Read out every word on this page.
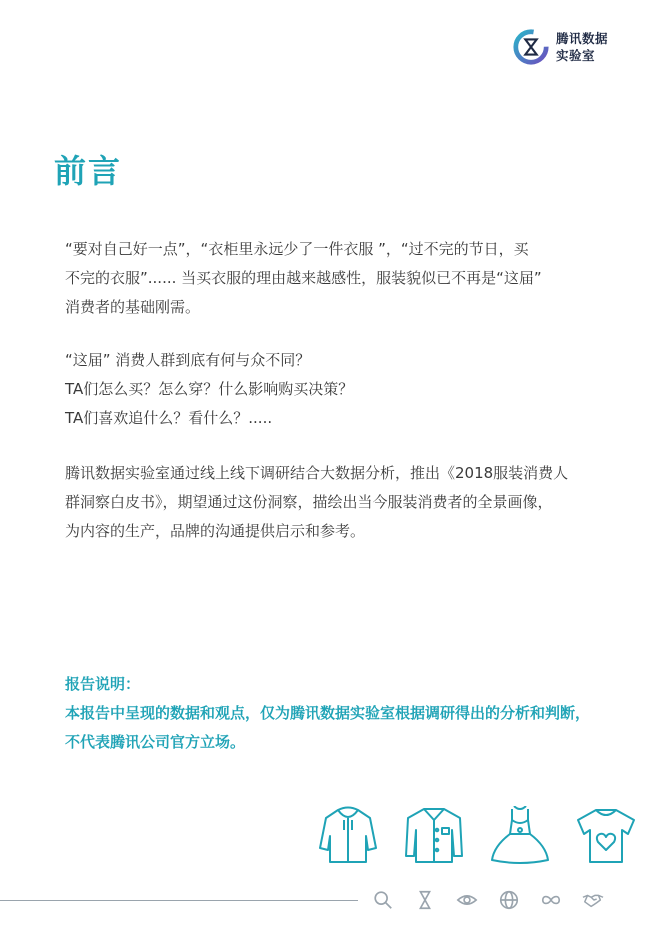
腾讯数据
实验室
前言

“要对自己好一点”，“衣柜里永远少了一件衣服 ”，“过不完的节日，买
不完的衣服”...... 当买衣服的理由越来越感性，服装貌似已不再是“这届”
消费者的基础刚需。

“这届” 消费人群到底有何与众不同？
TA们怎么买？怎么穿？什么影响购买决策？
TA们喜欢追什么？看什么？.....

腾讯数据实验室通过线上线下调研结合大数据分析，推出《2018服装消费人
群洞察白皮书》，期望通过这份洞察，描绘出当今服装消费者的全景画像，
为内容的生产，品牌的沟通提供启示和参考。

报告说明：
本报告中呈现的数据和观点，仅为腾讯数据实验室根据调研得出的分析和判断，
不代表腾讯公司官方立场。
